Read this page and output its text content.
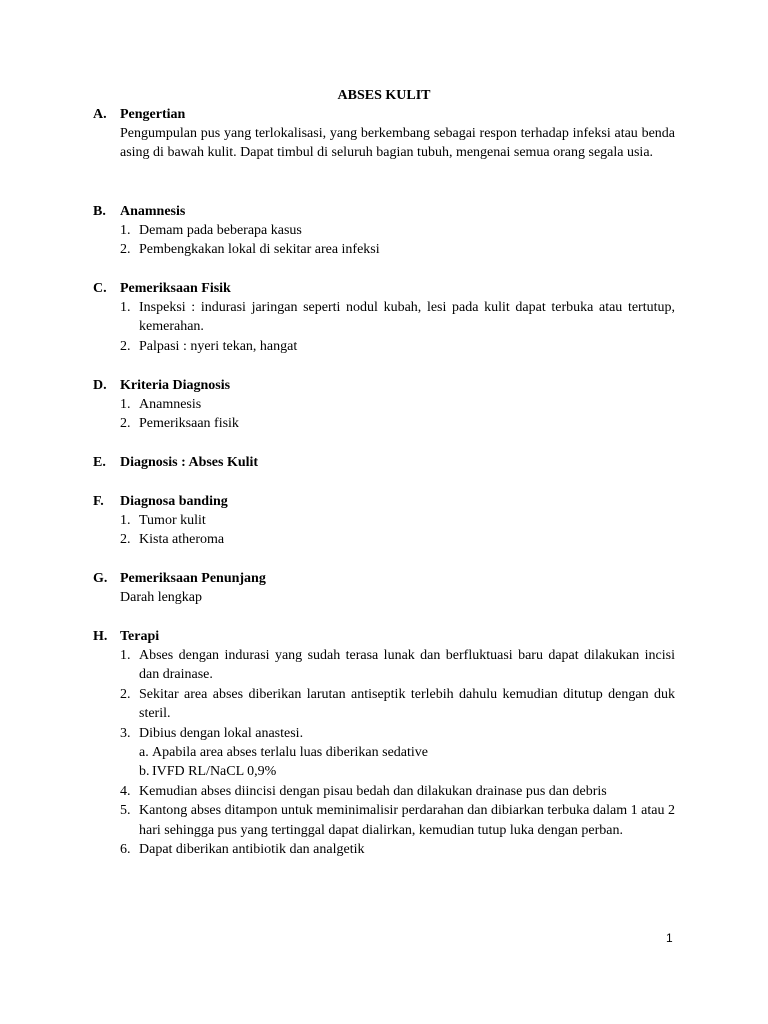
ABSES KULIT
A. Pengertian
Pengumpulan pus yang terlokalisasi, yang berkembang sebagai respon terhadap infeksi atau benda asing di bawah kulit. Dapat timbul di seluruh bagian tubuh, mengenai semua orang segala usia.
B. Anamnesis
1. Demam pada beberapa kasus
2. Pembengkakan lokal di sekitar area infeksi
C. Pemeriksaan Fisik
1. Inspeksi : indurasi jaringan seperti nodul kubah, lesi pada kulit dapat terbuka atau tertutup, kemerahan.
2. Palpasi : nyeri tekan, hangat
D. Kriteria Diagnosis
1. Anamnesis
2. Pemeriksaan fisik
E. Diagnosis : Abses Kulit
F. Diagnosa banding
1. Tumor kulit
2. Kista atheroma
G. Pemeriksaan Penunjang
Darah lengkap
H. Terapi
1. Abses dengan indurasi yang sudah terasa lunak dan berfluktuasi baru dapat dilakukan incisi dan drainase.
2. Sekitar area abses diberikan larutan antiseptik terlebih dahulu kemudian ditutup dengan duk steril.
3. Dibius dengan lokal anastesi.
a. Apabila area abses terlalu luas diberikan sedative
b. IVFD RL/NaCL 0,9%
4. Kemudian abses diincisi dengan pisau bedah dan dilakukan drainase pus dan debris
5. Kantong abses ditampon untuk meminimalisir perdarahan dan dibiarkan terbuka dalam 1 atau 2 hari sehingga pus yang tertinggal dapat dialirkan, kemudian tutup luka dengan perban.
6. Dapat diberikan antibiotik dan analgetik
1
